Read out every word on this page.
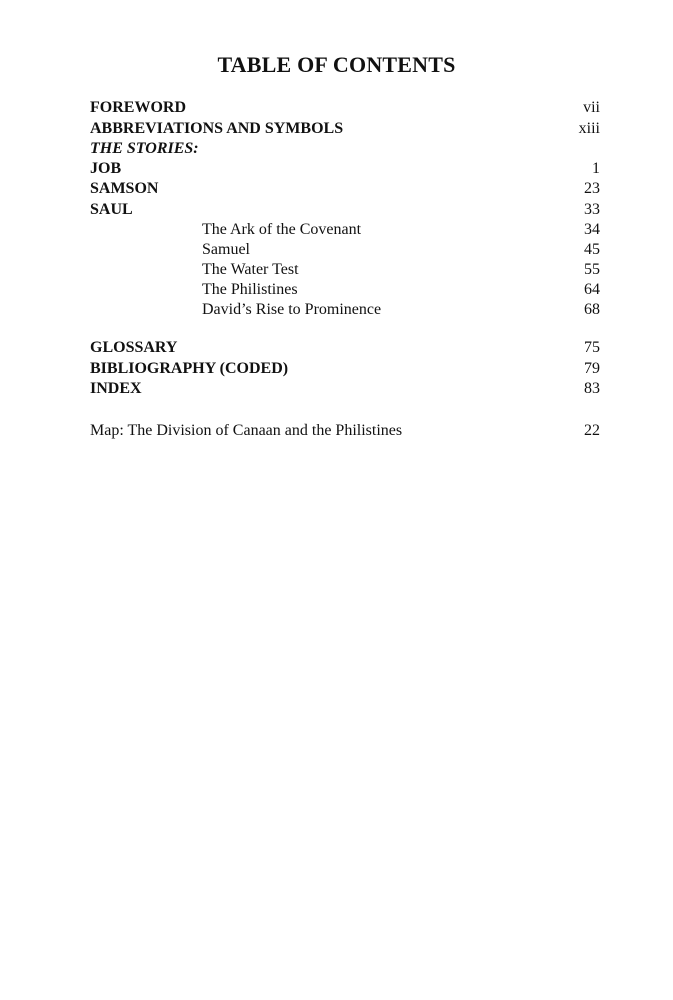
TABLE OF CONTENTS
FOREWORD	vii
ABBREVIATIONS AND SYMBOLS	xiii
THE STORIES:
JOB	1
SAMSON	23
SAUL	33
The Ark of the Covenant	34
Samuel	45
The Water Test	55
The Philistines	64
David’s Rise to Prominence	68
GLOSSARY	75
BIBLIOGRAPHY (CODED)	79
INDEX	83
Map: The Division of Canaan and the Philistines	22
